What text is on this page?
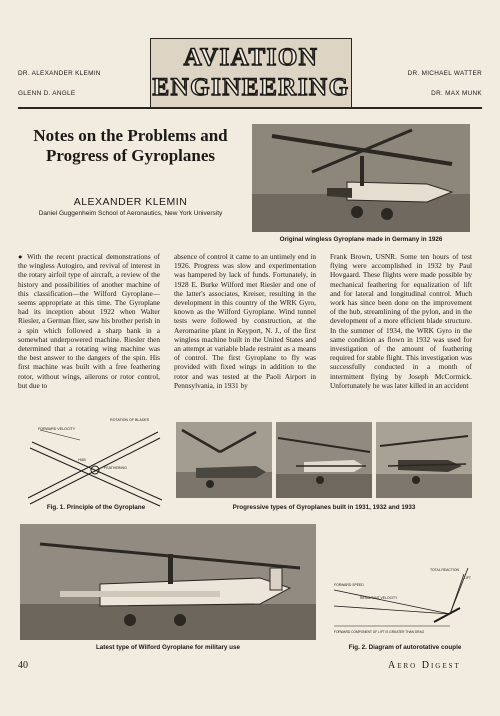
DR. ALEXANDER KLEMIN
GLENN D. ANGLE
DR. MICHAEL WATTER
DR. MAX MUNK
AVIATION
ENGINEERING
Notes on the Problems and Progress of Gyroplanes
ALEXANDER KLEMIN
Daniel Guggenheim School of Aeronautics, New York University
Original wingless Gyroplane made in Germany in 1926
● With the recent practical demonstrations of the wingless Autogiro, and revival of interest in the rotary airfoil type of aircraft, a review of the history and possibilities of another machine of this classification—the Wilford Gyroplane—seems appropriate at this time. The Gyroplane had its inception about 1922 when Walter Riesler, a German flier, saw his brother perish in a spin which followed a sharp bank in a somewhat underpowered machine. Riesler then determined that a rotating wing machine was the best answer to the dangers of the spin. His first machine was built with a free feathering rotor, without wings, ailerons or rotor control, but due to
absence of control it came to an untimely end in 1926. Progress was slow and experimentation was hampered by lack of funds. Fortunately, in 1928 E. Burke Wilford met Riesler and one of the latter's associates, Kreiser, resulting in the development in this country of the WRK Gyro, known as the Wilford Gyroplane. Wind tunnel tests were followed by construction, at the Aeromarine plant in Keyport, N. J., of the first wingless machine built in the United States and an attempt at variable blade restraint as a means of control. The first Gyroplane to fly was provided with fixed wings in addition to the rotor and was tested at the Paoli Airport in Pennsylvania, in 1931 by
Frank Brown, USNR. Some ten hours of test flying were accomplished in 1932 by Paul Hovgaard. These flights were made possible by mechanical feathering for equalization of lift and for lateral and longitudinal control. Much work has since been done on the improvement of the hub, streamlining of the pylon, and in the development of a more efficient blade structure. In the summer of 1934, the WRK Gyro in the same condition as flown in 1932 was used for investigation of the amount of feathering required for stable flight. This investigation was successfully conducted in a month of intermittent flying by Joseph McCormick. Unfortunately he was later killed in an accident
ROTATION OF BLADES
FORWARD VELOCITY
HUB
FEATHERING
Fig. 1. Principle of the Gyroplane	Progressive types of Gyroplanes built in 1931, 1932 and 1933
Latest type of Wilford Gyroplane for military use
TOTAL REACTION
FORWARD SPEED
RESULTANT VELOCITY
FORWARD COMPONENT OF LIFT IS GREATER THAN DRAG
LIFT
Fig. 2. Diagram of autorotative couple
40	Aero Digest
